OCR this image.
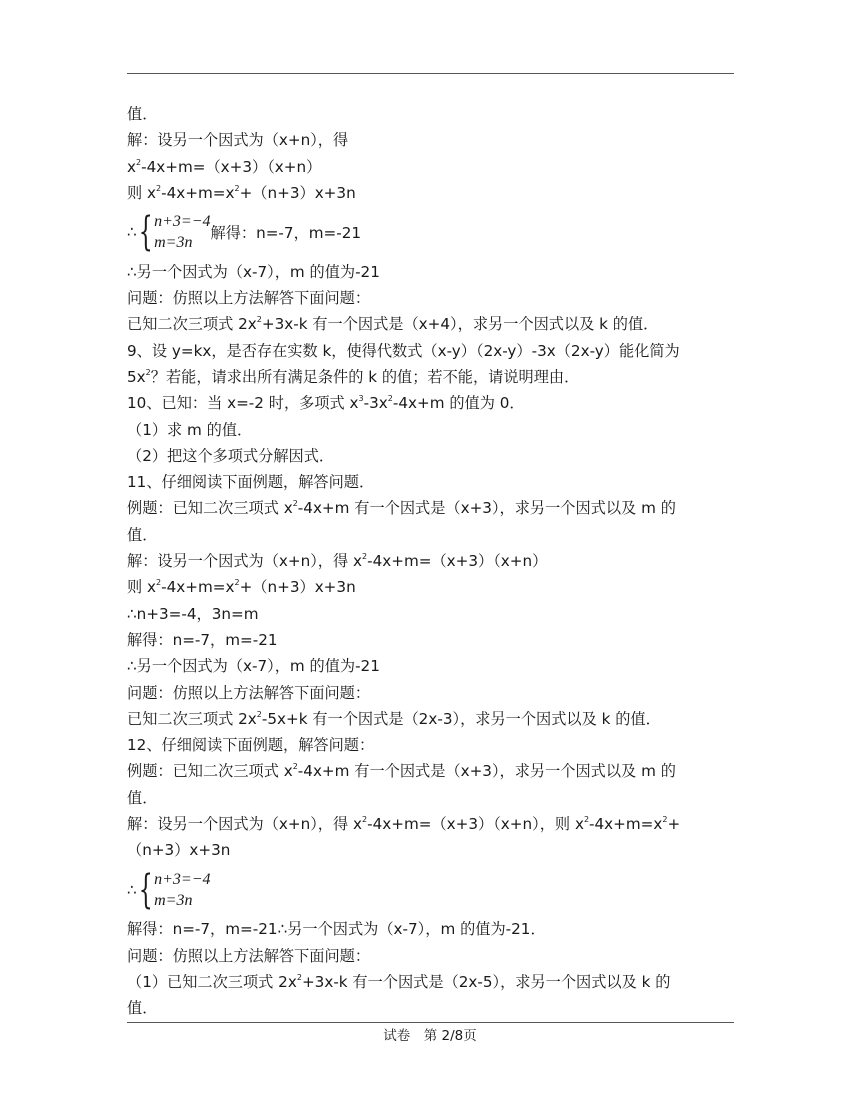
值．
解：设另一个因式为（x+n），得
$x^2-4x+m=(x+3)(x+n)$
则 $x^2-4x+m=x^2+(n+3)x+3n$
∴ { n+3=−4
m=3n
解得：n=-7，m=-21
∴另一个因式为（x-7），m 的值为-21
问题：仿照以上方法解答下面问题：
已知二次三项式 $2x^2+3x-k$ 有一个因式是（x+4），求另一个因式以及 k 的值．
9、设 y=kx，是否存在实数 k，使得代数式（x-y）（2x-y）-3x（2x-y）能化简为
$5x^2$？若能，请求出所有满足条件的 k 的值；若不能，请说明理由．
10、已知：当 x=-2 时，多项式 $x^3-3x^2-4x+m$ 的值为 0．
（1）求 m 的值．
（2）把这个多项式分解因式．
11、仔细阅读下面例题，解答问题．
例题：已知二次三项式 $x^2-4x+m$ 有一个因式是（x+3），求另一个因式以及 m 的
值．
解：设另一个因式为（x+n），得 $x^2-4x+m=(x+3)(x+n)$
则 $x^2-4x+m=x^2+(n+3)x+3n$
∴n+3=-4，3n=m
解得：n=-7，m=-21
∴另一个因式为（x-7），m 的值为-21
问题：仿照以上方法解答下面问题：
已知二次三项式 $2x^2-5x+k$ 有一个因式是（2x-3），求另一个因式以及 k 的值．
12、仔细阅读下面例题，解答问题：
例题：已知二次三项式 $x^2-4x+m$ 有一个因式是（x+3），求另一个因式以及 m 的
值．
解：设另一个因式为（x+n），得 $x^2-4x+m=(x+3)(x+n)$，则 $x^2-4x+m=x^2+$
（n+3）x+3n
∴ { n+3=−4
m=3n
解得：n=-7，m=-21∴另一个因式为（x-7），m 的值为-21．
问题：仿照以上方法解答下面问题：
（1）已知二次三项式 $2x^2+3x-k$ 有一个因式是（2x-5），求另一个因式以及 k 的
值．
试卷　第 2/8页
